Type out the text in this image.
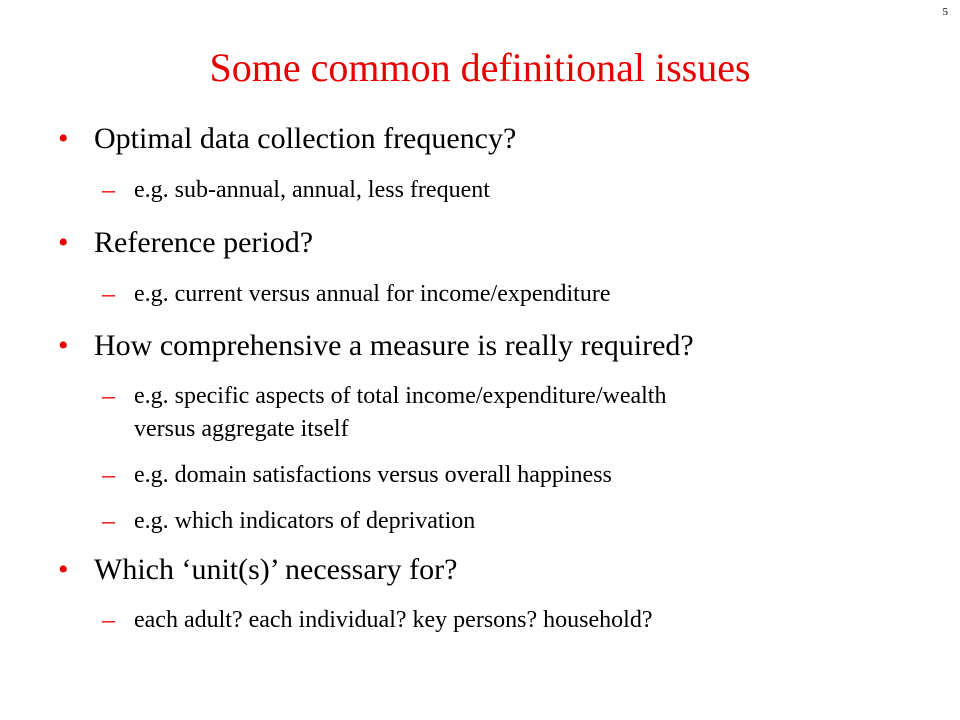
5
Some common definitional issues
• Optimal data collection frequency?
– e.g. sub-annual, annual, less frequent
• Reference period?
– e.g. current versus annual for income/expenditure
• How comprehensive a measure is really required?
– e.g. specific aspects of total income/expenditure/wealth
versus aggregate itself
– e.g. domain satisfactions versus overall happiness
– e.g. which indicators of deprivation
• Which ‘unit(s)’ necessary for?
– each adult? each individual? key persons? household?
